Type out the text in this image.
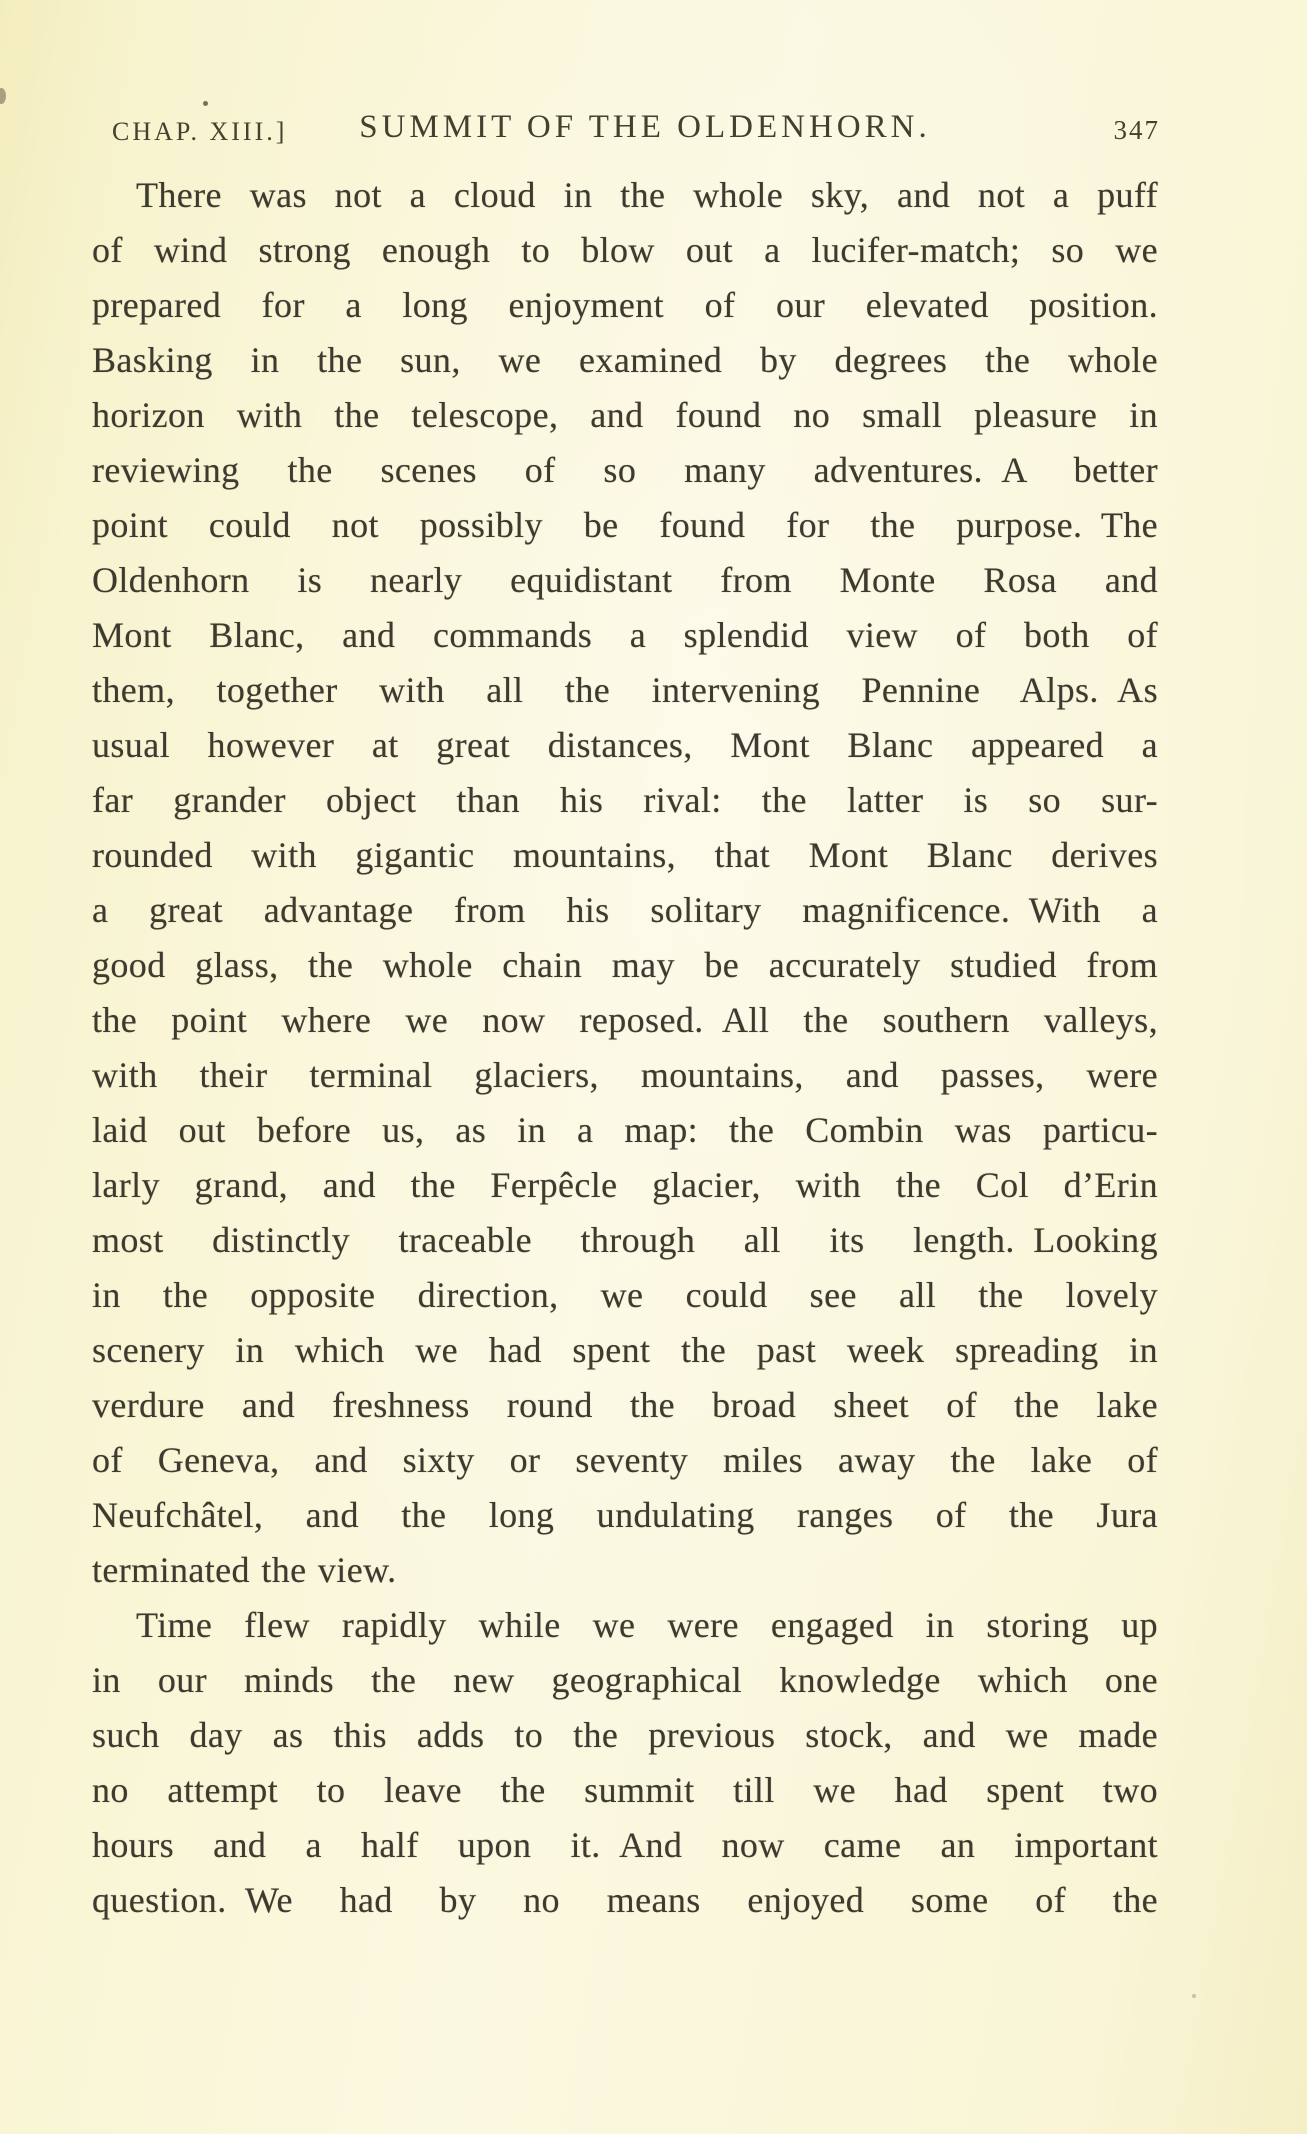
CHAP. XIII.]	SUMMIT OF THE OLDENHORN.	347
There was not a cloud in the whole sky, and not a puff
of wind strong enough to blow out a lucifer-match; so we
prepared for a long enjoyment of our elevated position.
Basking in the sun, we examined by degrees the whole
horizon with the telescope, and found no small pleasure in
reviewing the scenes of so many adventures. A better
point could not possibly be found for the purpose. The
Oldenhorn is nearly equidistant from Monte Rosa and
Mont Blanc, and commands a splendid view of both of
them, together with all the intervening Pennine Alps. As
usual however at great distances, Mont Blanc appeared a
far grander object than his rival: the latter is so sur-
rounded with gigantic mountains, that Mont Blanc derives
a great advantage from his solitary magnificence. With a
good glass, the whole chain may be accurately studied from
the point where we now reposed. All the southern valleys,
with their terminal glaciers, mountains, and passes, were
laid out before us, as in a map: the Combin was particu-
larly grand, and the Ferpêcle glacier, with the Col d’Erin
most distinctly traceable through all its length. Looking
in the opposite direction, we could see all the lovely
scenery in which we had spent the past week spreading in
verdure and freshness round the broad sheet of the lake
of Geneva, and sixty or seventy miles away the lake of
Neufchâtel, and the long undulating ranges of the Jura
terminated the view.
Time flew rapidly while we were engaged in storing up
in our minds the new geographical knowledge which one
such day as this adds to the previous stock, and we made
no attempt to leave the summit till we had spent two
hours and a half upon it. And now came an important
question. We had by no means enjoyed some of the
